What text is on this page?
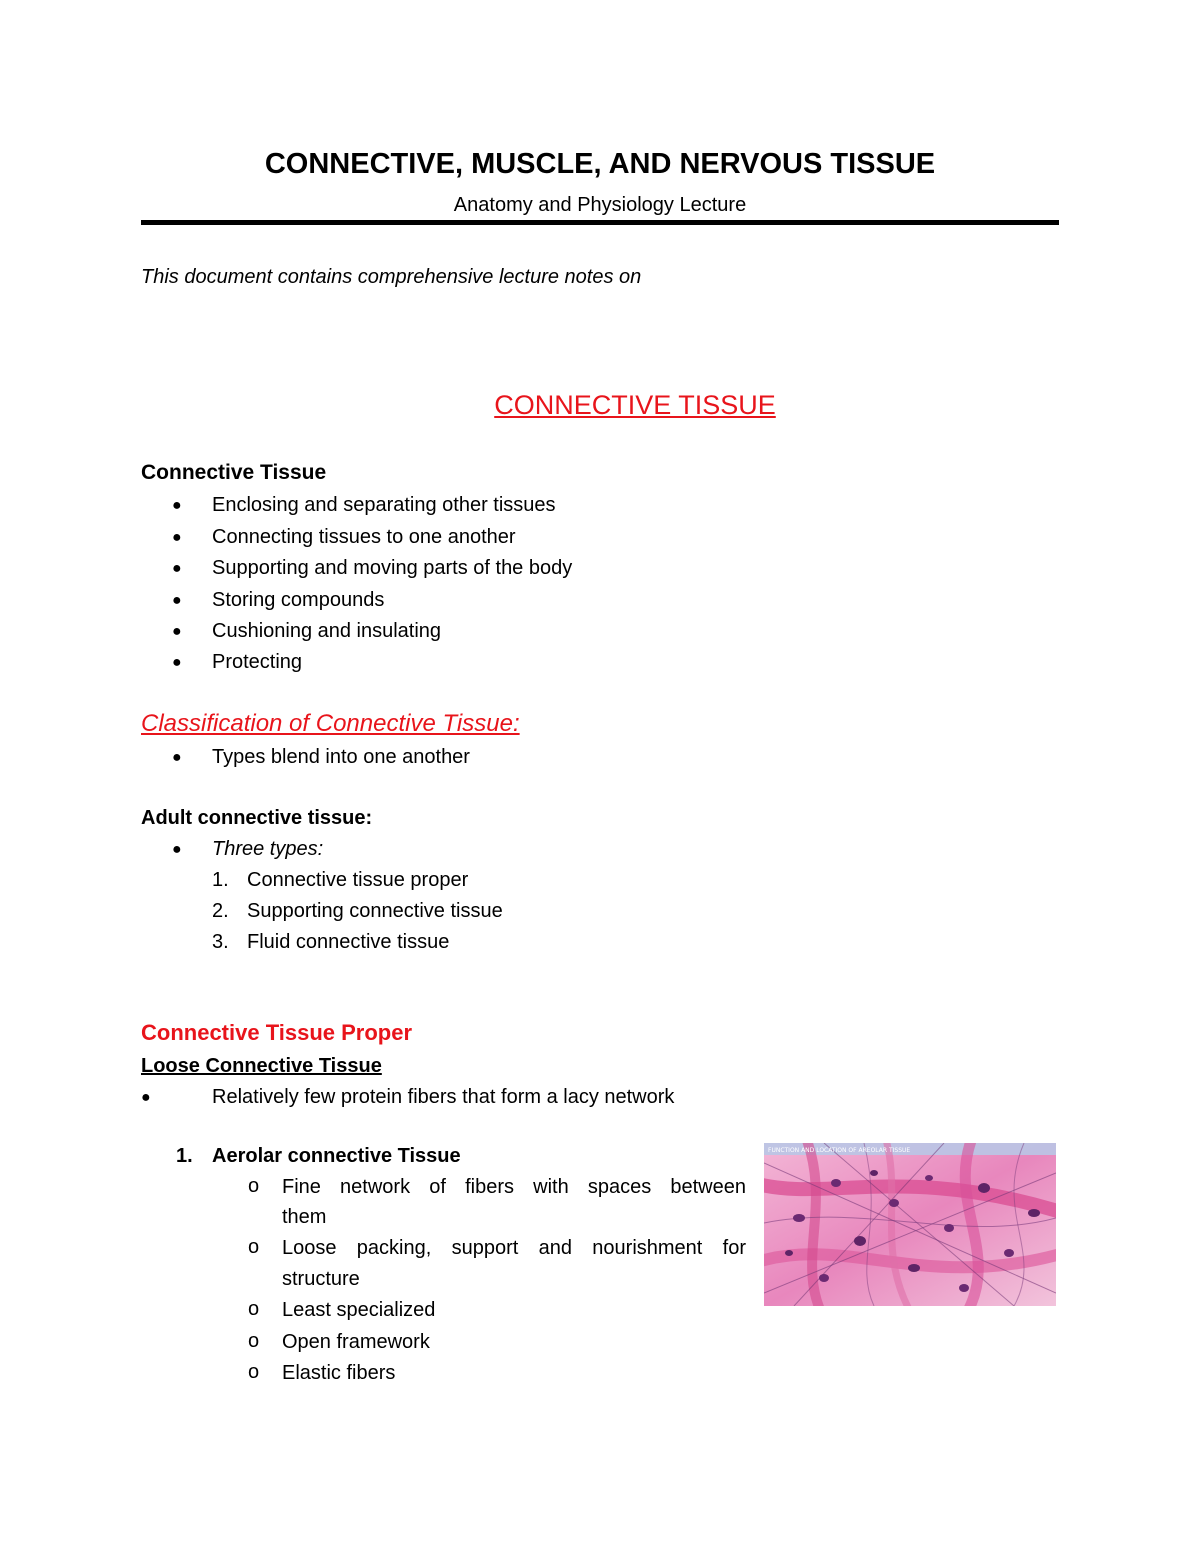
CONNECTIVE, MUSCLE, AND NERVOUS TISSUE
Anatomy and Physiology Lecture
This document contains comprehensive lecture notes on
CONNECTIVE TISSUE
Connective Tissue
● Enclosing and separating other tissues
● Connecting tissues to one another
● Supporting and moving parts of the body
● Storing compounds
● Cushioning and insulating
● Protecting
Classification of Connective Tissue:
● Types blend into one another
Adult connective tissue:
● Three types:
1. Connective tissue proper
2. Supporting connective tissue
3. Fluid connective tissue
Connective Tissue Proper
Loose Connective Tissue
●	Relatively few protein fibers that form a lacy network
1. Aerolar connective Tissue
o Fine network of fibers with spaces between
them
o Loose packing, support and nourishment for
structure
o Least specialized
o Open framework
o Elastic fibers
FUNCTION AND LOCATION OF AREOLAR TISSUE
